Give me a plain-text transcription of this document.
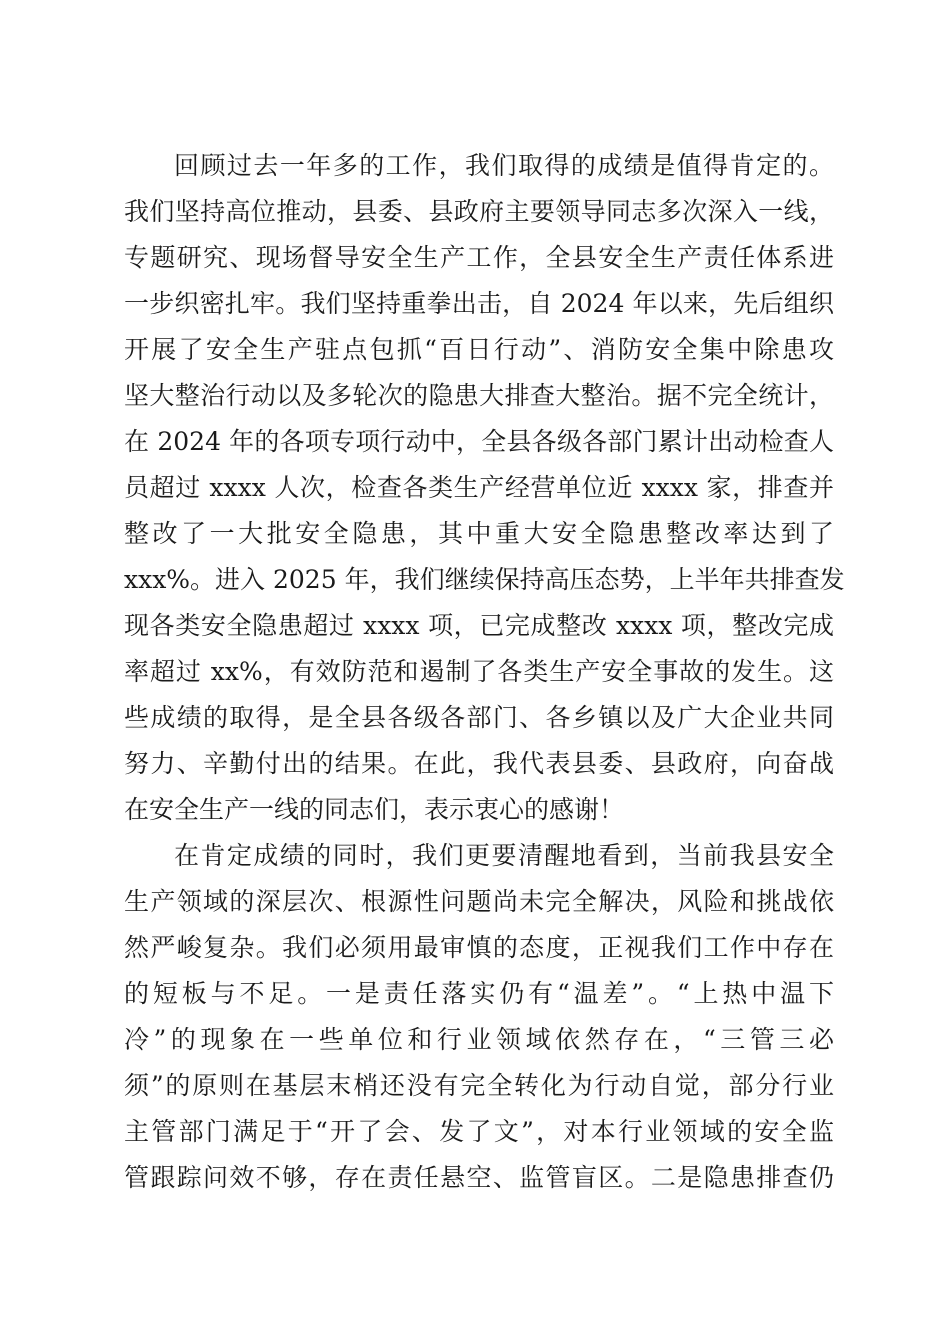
回顾过去一年多的工作，我们取得的成绩是值得肯定的。
我们坚持高位推动，县委、县政府主要领导同志多次深入一线，
专题研究、现场督导安全生产工作，全县安全生产责任体系进
一步织密扎牢。我们坚持重拳出击，自 2024 年以来，先后组织
开展了安全生产驻点包抓“百日行动”、消防安全集中除患攻
坚大整治行动以及多轮次的隐患大排查大整治。据不完全统计，
在 2024 年的各项专项行动中，全县各级各部门累计出动检查人
员超过 xxxx 人次，检查各类生产经营单位近 xxxx 家，排查并
整改了一大批安全隐患，其中重大安全隐患整改率达到了
xxx%。进入 2025 年，我们继续保持高压态势，上半年共排查发
现各类安全隐患超过 xxxx 项，已完成整改 xxxx 项，整改完成
率超过 xx%，有效防范和遏制了各类生产安全事故的发生。这
些成绩的取得，是全县各级各部门、各乡镇以及广大企业共同
努力、辛勤付出的结果。在此，我代表县委、县政府，向奋战
在安全生产一线的同志们，表示衷心的感谢！
在肯定成绩的同时，我们更要清醒地看到，当前我县安全
生产领域的深层次、根源性问题尚未完全解决，风险和挑战依
然严峻复杂。我们必须用最审慎的态度，正视我们工作中存在
的短板与不足。一是责任落实仍有“温差”。“上热中温下
冷”的现象在一些单位和行业领域依然存在，“三管三必
须”的原则在基层末梢还没有完全转化为行动自觉，部分行业
主管部门满足于“开了会、发了文”，对本行业领域的安全监
管跟踪问效不够，存在责任悬空、监管盲区。二是隐患排查仍
